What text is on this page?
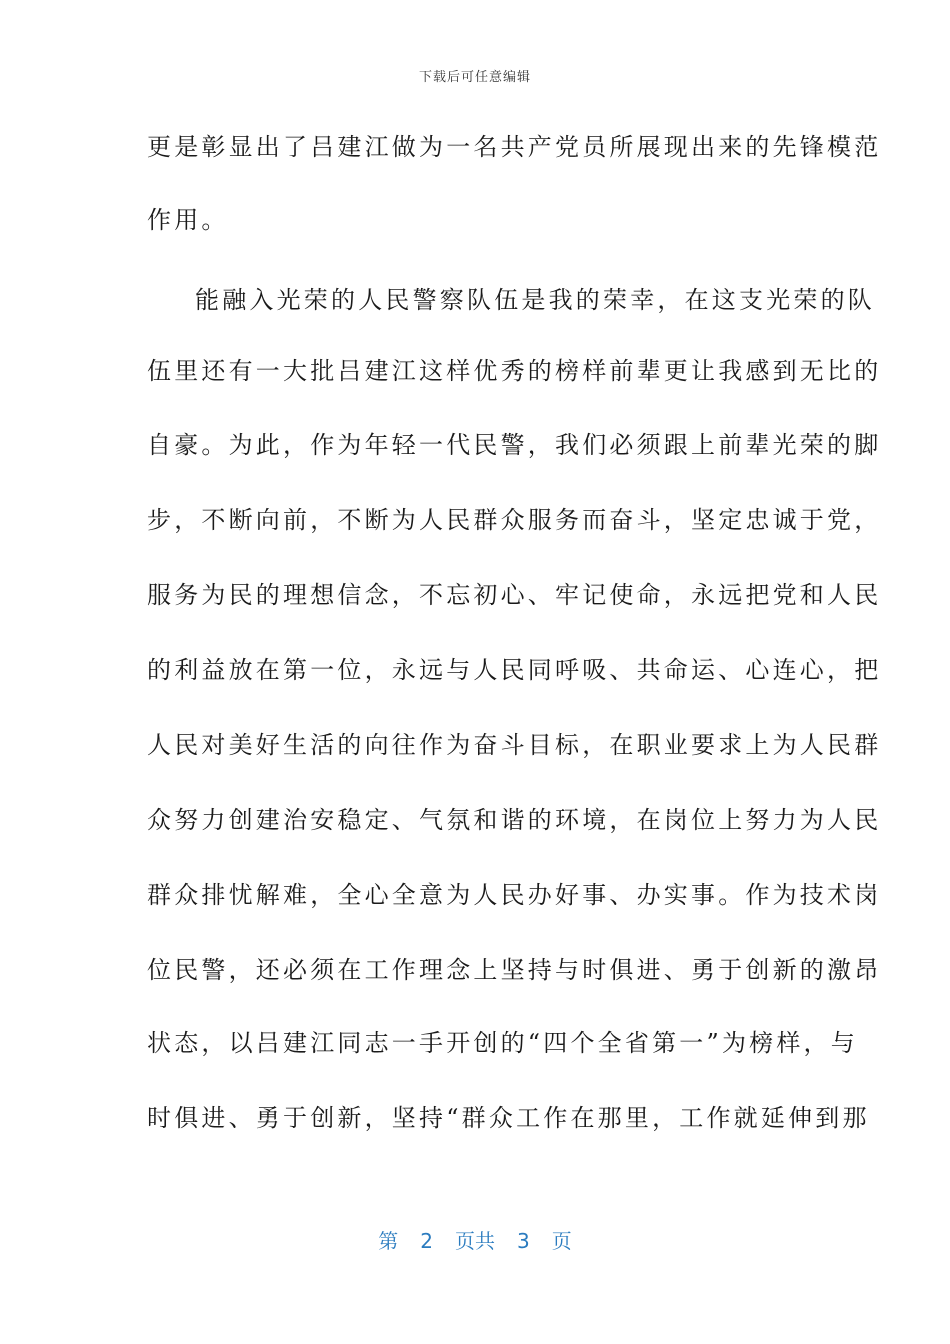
下载后可任意编辑
更是彰显出了吕建江做为一名共产党员所展现出来的先锋模范
作用。
能融入光荣的人民警察队伍是我的荣幸，在这支光荣的队
伍里还有一大批吕建江这样优秀的榜样前辈更让我感到无比的
自豪。为此，作为年轻一代民警，我们必须跟上前辈光荣的脚
步，不断向前，不断为人民群众服务而奋斗，坚定忠诚于党，
服务为民的理想信念，不忘初心、牢记使命，永远把党和人民
的利益放在第一位，永远与人民同呼吸、共命运、心连心，把
人民对美好生活的向往作为奋斗目标，在职业要求上为人民群
众努力创建治安稳定、气氛和谐的环境，在岗位上努力为人民
群众排忧解难，全心全意为人民办好事、办实事。作为技术岗
位民警，还必须在工作理念上坚持与时俱进、勇于创新的激昂
状态，以吕建江同志一手开创的“四个全省第一”为榜样，与
时俱进、勇于创新，坚持“群众工作在那里，工作就延伸到那
第 2 页共 3 页
